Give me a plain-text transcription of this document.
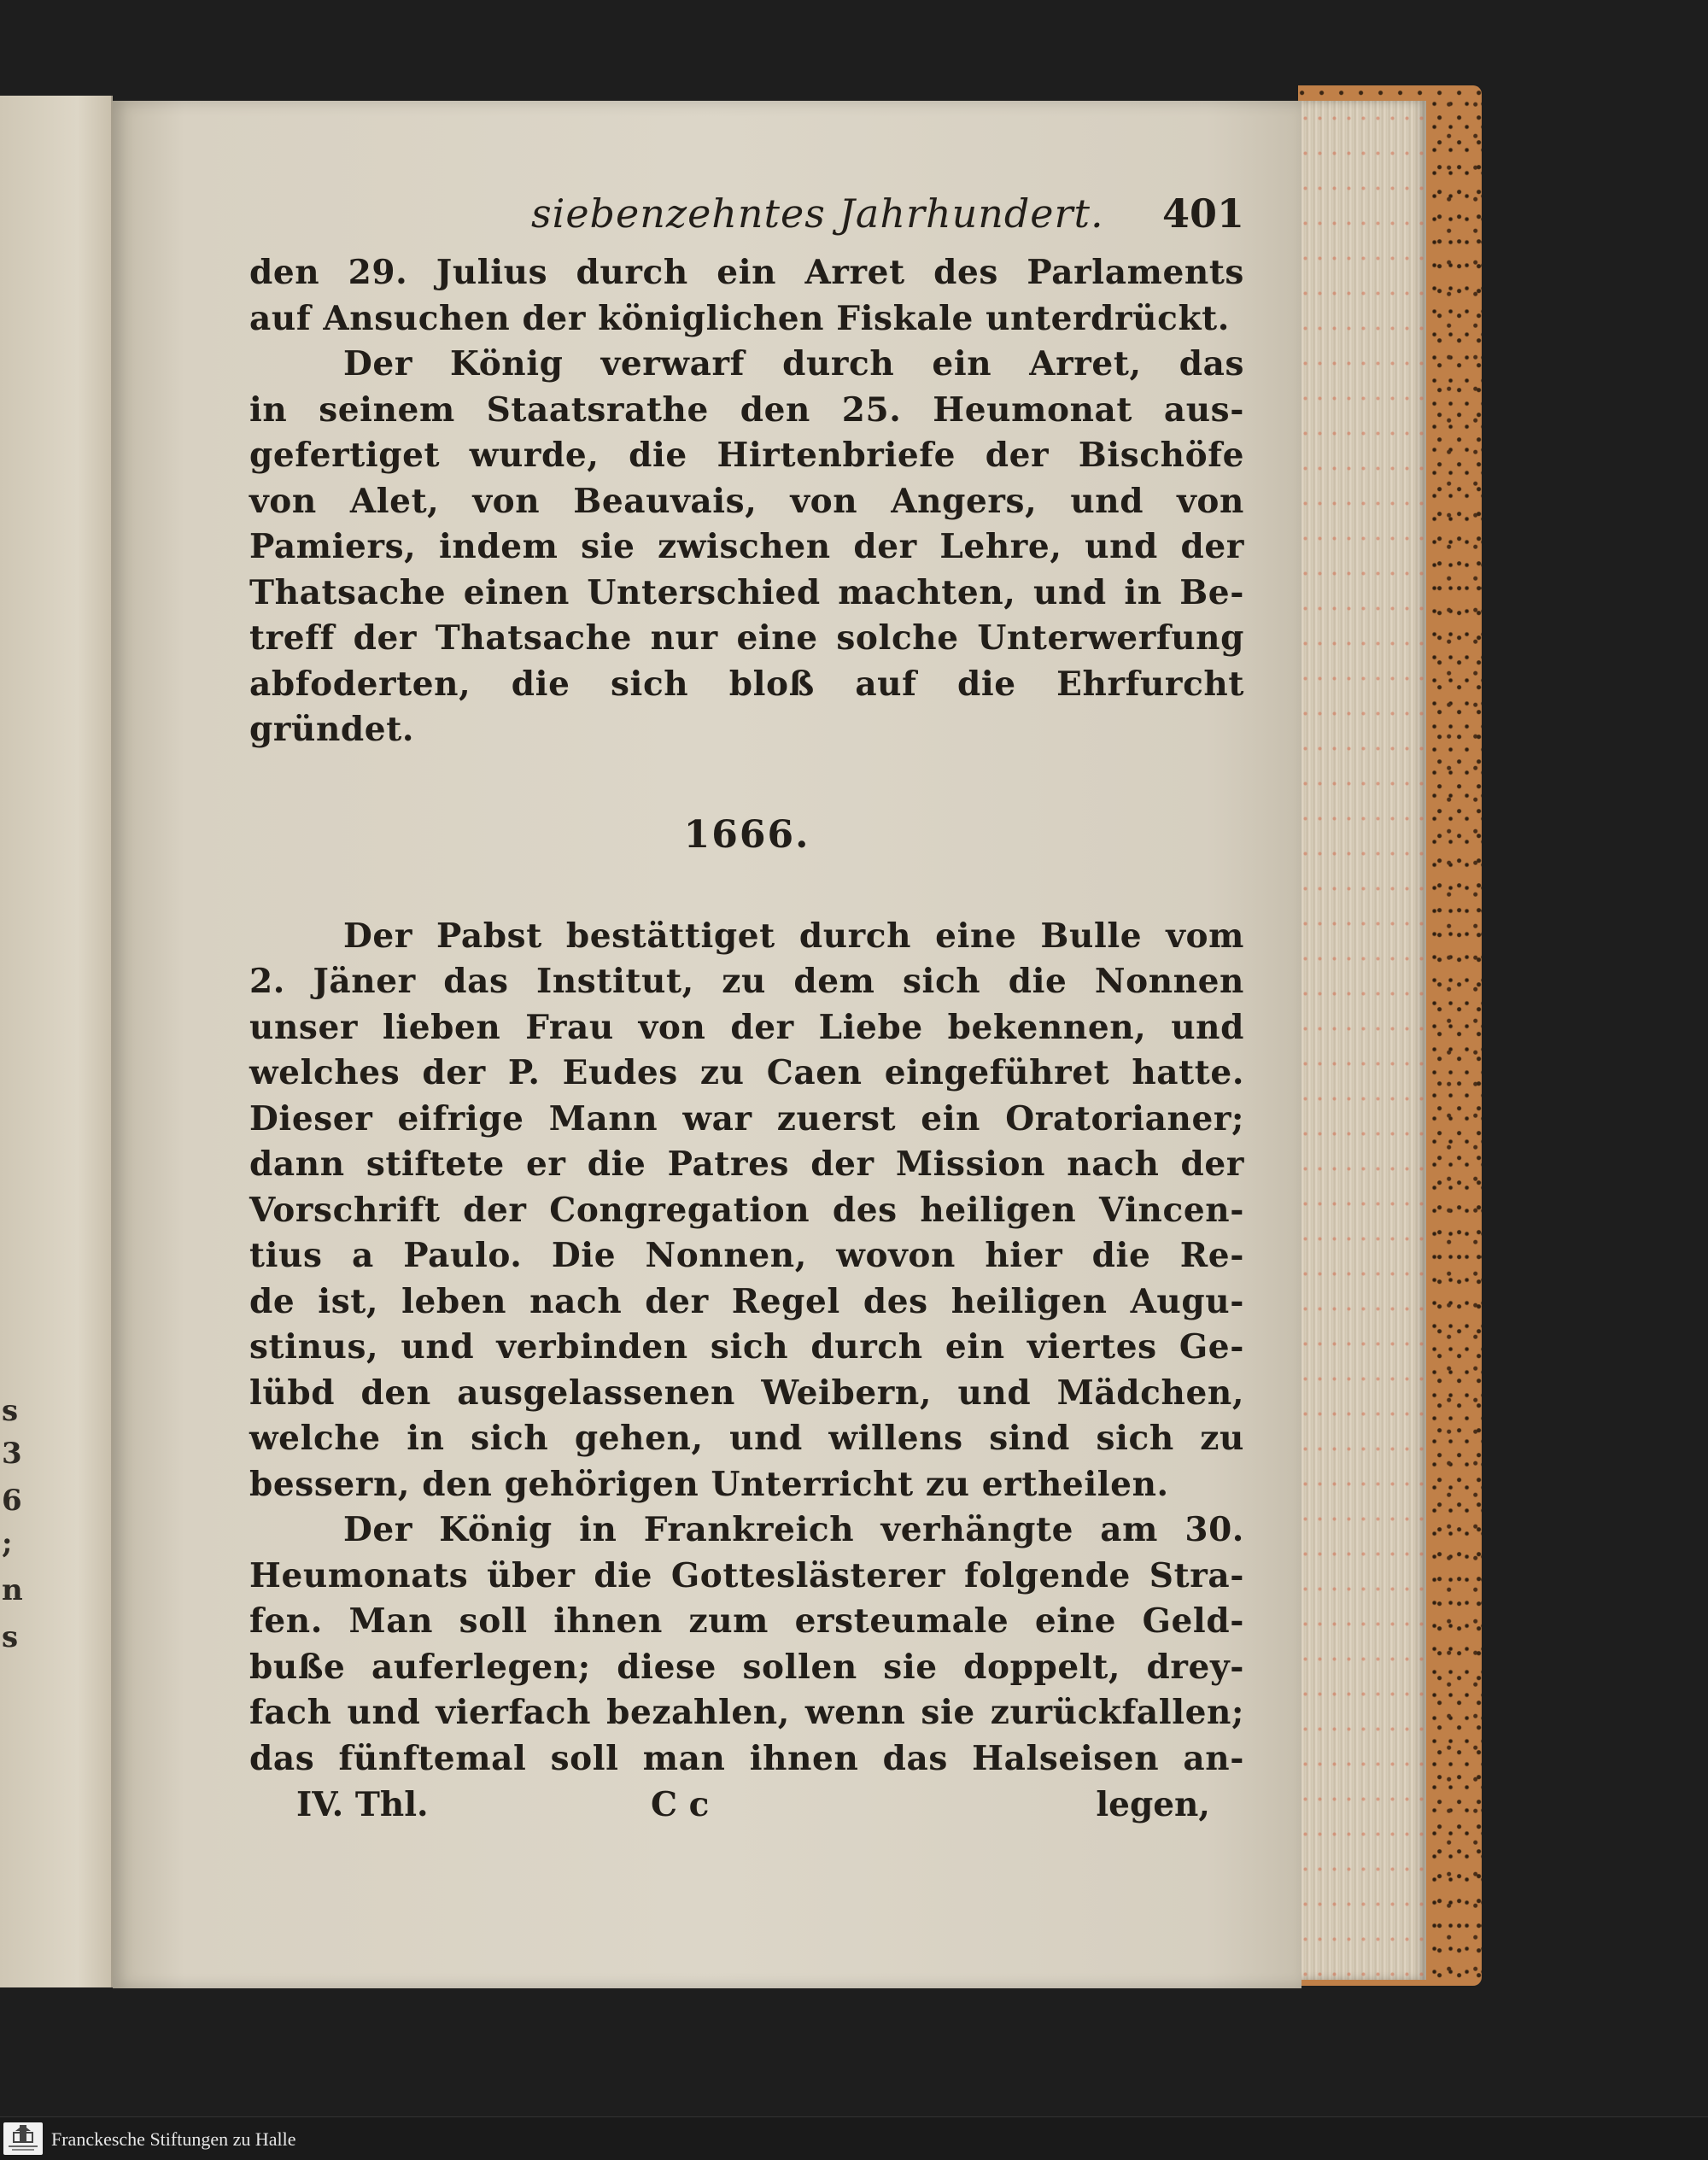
s
3
6
;
n
s
siebenzehntes Jahrhundert. 401
den 29. Julius durch ein Arret des Parlaments
auf Ansuchen der königlichen Fiskale unterdrückt.
Der König verwarf durch ein Arret, das
in seinem Staatsrathe den 25. Heumonat aus-
gefertiget wurde, die Hirtenbriefe der Bischöfe
von Alet, von Beauvais, von Angers, und von
Pamiers, indem sie zwischen der Lehre, und der
Thatsache einen Unterschied machten, und in Be-
treff der Thatsache nur eine solche Unterwerfung
abfoderten, die sich bloß auf die Ehrfurcht
gründet.
1666.
Der Pabst bestättiget durch eine Bulle vom
2. Jäner das Institut, zu dem sich die Nonnen
unser lieben Frau von der Liebe bekennen, und
welches der P. Eudes zu Caen eingeführet hatte.
Dieser eifrige Mann war zuerst ein Oratorianer;
dann stiftete er die Patres der Mission nach der
Vorschrift der Congregation des heiligen Vincen-
tius a Paulo. Die Nonnen, wovon hier die Re-
de ist, leben nach der Regel des heiligen Augu-
stinus, und verbinden sich durch ein viertes Ge-
lübd den ausgelassenen Weibern, und Mädchen,
welche in sich gehen, und willens sind sich zu
bessern, den gehörigen Unterricht zu ertheilen.
Der König in Frankreich verhängte am 30.
Heumonats über die Gotteslästerer folgende Stra-
fen. Man soll ihnen zum ersteumale eine Geld-
buße auferlegen; diese sollen sie doppelt, drey-
fach und vierfach bezahlen, wenn sie zurückfallen;
das fünftemal soll man ihnen das Halseisen an-
IV. Thl.	C c	legen,
Franckesche Stiftungen zu Halle
